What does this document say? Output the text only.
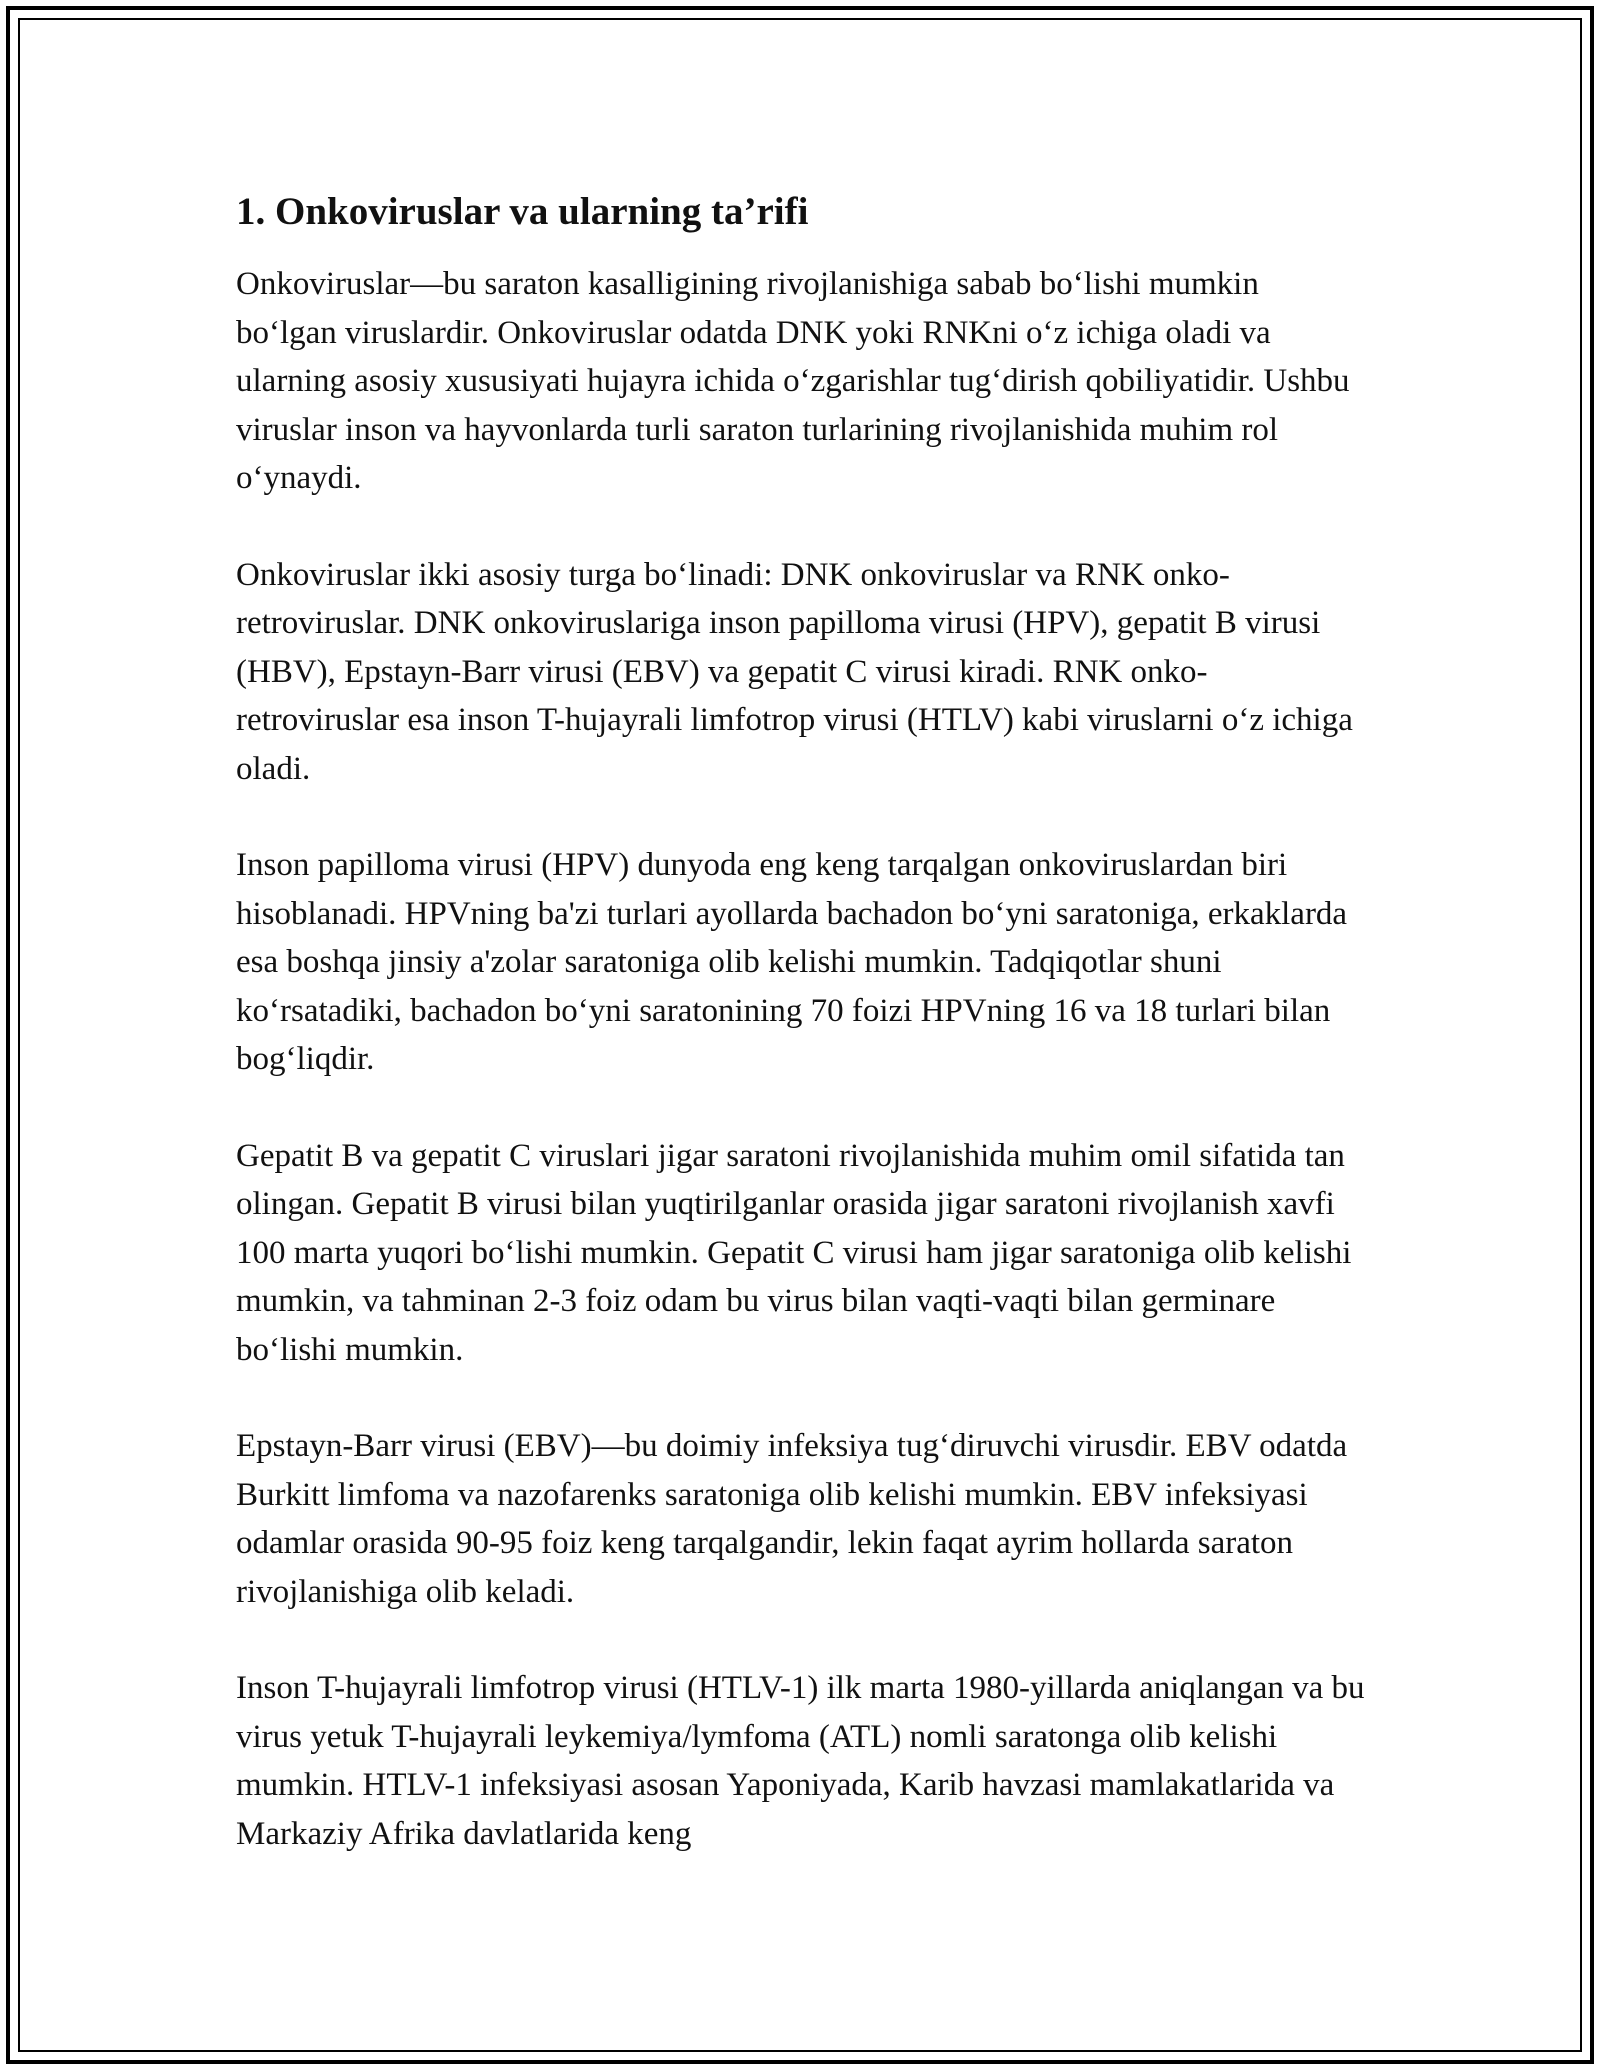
1. Onkoviruslar va ularning ta’rifi

Onkoviruslar—bu saraton kasalligining rivojlanishiga sabab boʻlishi mumkin boʻlgan viruslardir. Onkoviruslar odatda DNK yoki RNKni oʻz ichiga oladi va ularning asosiy xususiyati hujayra ichida oʻzgarishlar tugʻdirish qobiliyatidir. Ushbu viruslar inson va hayvonlarda turli saraton turlarining rivojlanishida muhim rol oʻynaydi.

Onkoviruslar ikki asosiy turga boʻlinadi: DNK onkoviruslar va RNK onko-retroviruslar. DNK onkoviruslariga inson papilloma virusi (HPV), gepatit B virusi (HBV), Epstayn-Barr virusi (EBV) va gepatit C virusi kiradi. RNK onko-retroviruslar esa inson T-hujayrali limfotrop virusi (HTLV) kabi viruslarni oʻz ichiga oladi.

Inson papilloma virusi (HPV) dunyoda eng keng tarqalgan onkoviruslardan biri hisoblanadi. HPVning ba'zi turlari ayollarda bachadon boʻyni saratoniga, erkaklarda esa boshqa jinsiy a'zolar saratoniga olib kelishi mumkin. Tadqiqotlar shuni koʻrsatadiki, bachadon boʻyni saratonining 70 foizi HPVning 16 va 18 turlari bilan bogʻliqdir.

Gepatit B va gepatit C viruslari jigar saratoni rivojlanishida muhim omil sifatida tan olingan. Gepatit B virusi bilan yuqtirilganlar orasida jigar saratoni rivojlanish xavfi 100 marta yuqori boʻlishi mumkin. Gepatit C virusi ham jigar saratoniga olib kelishi mumkin, va tahminan 2-3 foiz odam bu virus bilan vaqti-vaqti bilan germinare boʻlishi mumkin.

Epstayn-Barr virusi (EBV)—bu doimiy infeksiya tugʻdiruvchi virusdir. EBV odatda Burkitt limfoma va nazofarenks saratoniga olib kelishi mumkin. EBV infeksiyasi odamlar orasida 90-95 foiz keng tarqalgandir, lekin faqat ayrim hollarda saraton rivojlanishiga olib keladi.

Inson T-hujayrali limfotrop virusi (HTLV-1) ilk marta 1980-yillarda aniqlangan va bu virus yetuk T-hujayrali leykemiya/lymfoma (ATL) nomli saratonga olib kelishi mumkin. HTLV-1 infeksiyasi asosan Yaponiyada, Karib havzasi mamlakatlarida va Markaziy Afrika davlatlarida keng
